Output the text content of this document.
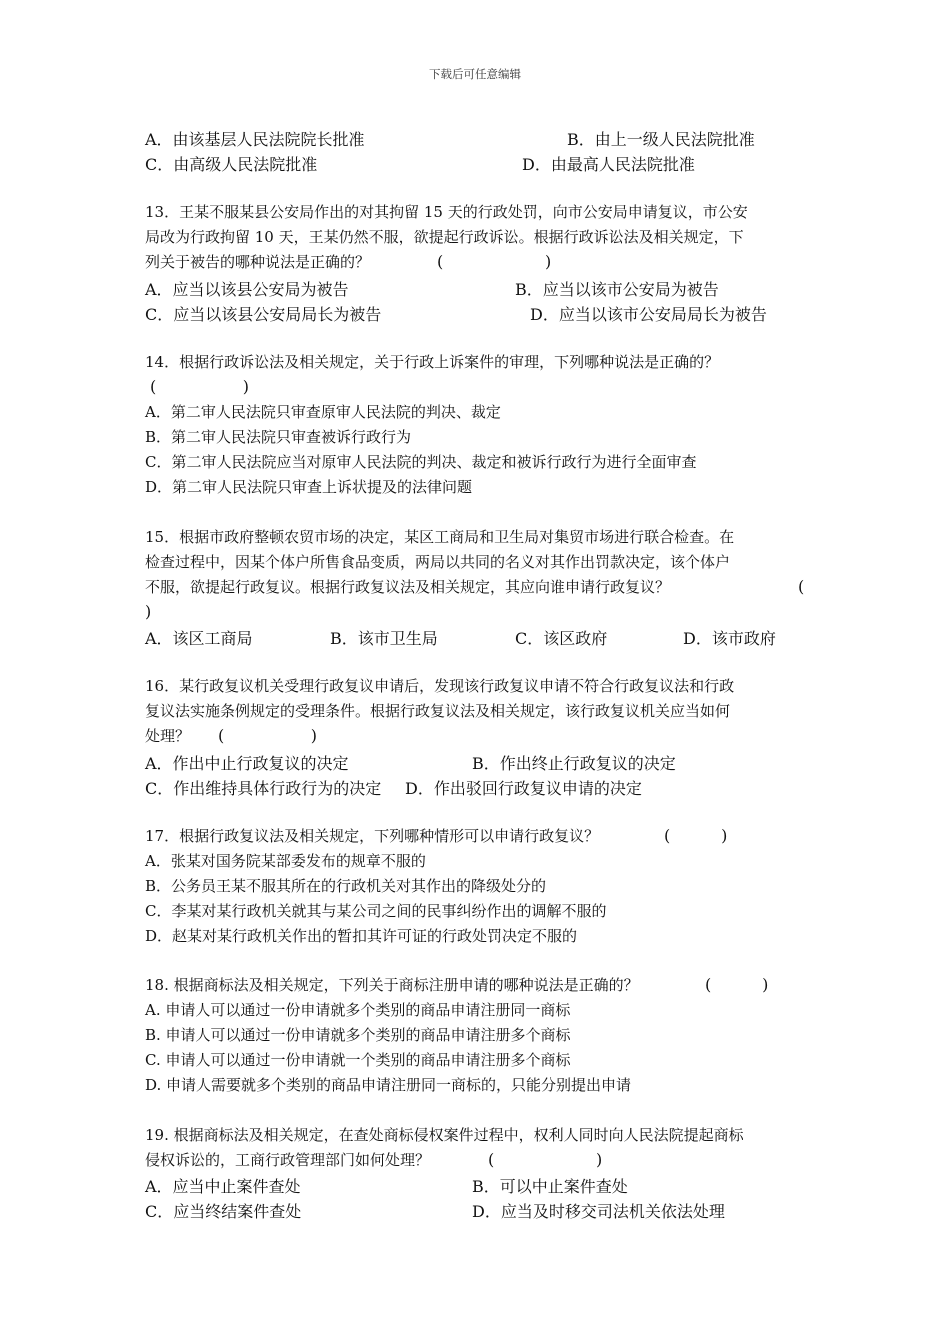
下载后可任意编辑
A．由该基层人民法院院长批准	B．由上一级人民法院批准
C．由高级人民法院批准	D．由最高人民法院批准
13．王某不服某县公安局作出的对其拘留 15 天的行政处罚，向市公安局申请复议，市公安
局改为行政拘留 10 天，王某仍然不服，欲提起行政诉讼。根据行政诉讼法及相关规定，下
列关于被告的哪种说法是正确的？	(                    )
A．应当以该县公安局为被告	B．应当以该市公安局为被告
C．应当以该县公安局局长为被告	D．应当以该市公安局局长为被告
14．根据行政诉讼法及相关规定，关于行政上诉案件的审理，下列哪种说法是正确的？
(                 )
A．第二审人民法院只审查原审人民法院的判决、裁定
B．第二审人民法院只审查被诉行政行为
C．第二审人民法院应当对原审人民法院的判决、裁定和被诉行政行为进行全面审查
D．第二审人民法院只审查上诉状提及的法律问题
15．根据市政府整顿农贸市场的决定，某区工商局和卫生局对集贸市场进行联合检查。在
检查过程中，因某个体户所售食品变质，两局以共同的名义对其作出罚款决定，该个体户
不服，欲提起行政复议。根据行政复议法及相关规定，其应向谁申请行政复议？	(
)
A．该区工商局	B．该市卫生局	C．该区政府	D．该市政府
16．某行政复议机关受理行政复议申请后，发现该行政复议申请不符合行政复议法和行政
复议法实施条例规定的受理条件。根据行政复议法及相关规定，该行政复议机关应当如何
处理？	(                 )
A．作出中止行政复议的决定	B．作出终止行政复议的决定
C．作出维持具体行政行为的决定 D．作出驳回行政复议申请的决定
17．根据行政复议法及相关规定，下列哪种情形可以申请行政复议？	(          )
A．张某对国务院某部委发布的规章不服的
B．公务员王某不服其所在的行政机关对其作出的降级处分的
C．李某对某行政机关就其与某公司之间的民事纠纷作出的调解不服的
D．赵某对某行政机关作出的暂扣其许可证的行政处罚决定不服的
18. 根据商标法及相关规定，下列关于商标注册申请的哪种说法是正确的？	(          )
A. 申请人可以通过一份申请就多个类别的商品申请注册同一商标
B. 申请人可以通过一份申请就多个类别的商品申请注册多个商标
C. 申请人可以通过一份申请就一个类别的商品申请注册多个商标
D. 申请人需要就多个类别的商品申请注册同一商标的，只能分别提出申请
19. 根据商标法及相关规定，在查处商标侵权案件过程中，权利人同时向人民法院提起商标
侵权诉讼的，工商行政管理部门如何处理？	(                    )
A．应当中止案件查处	B．可以中止案件查处
C．应当终结案件查处	D．应当及时移交司法机关依法处理
